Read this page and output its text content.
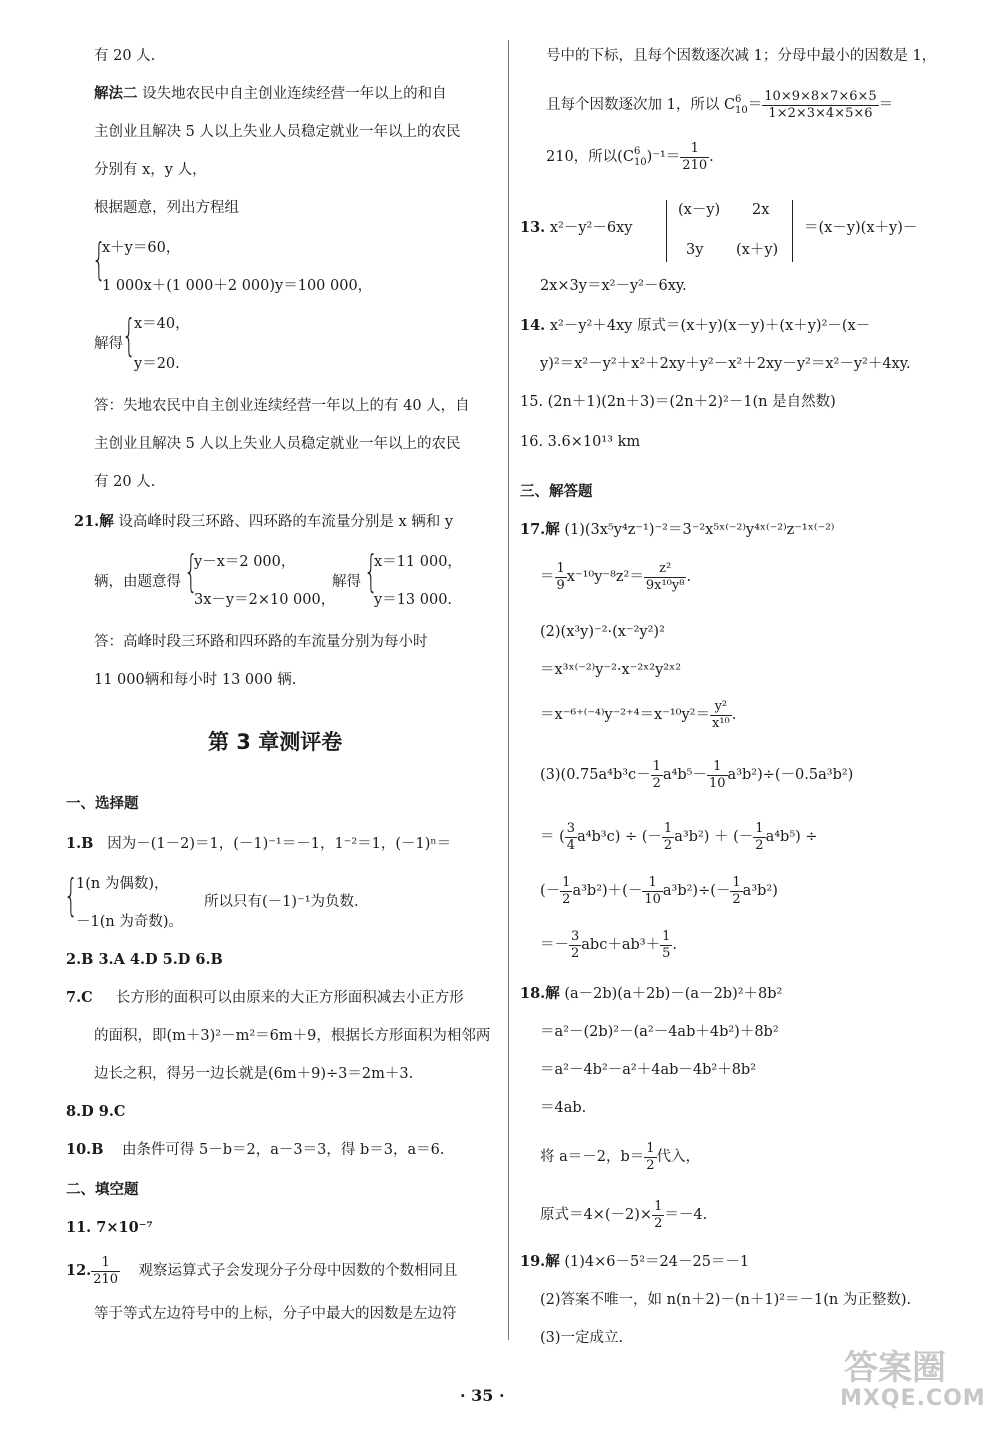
有 20 人.
解法二 设失地农民中自主创业连续经营一年以上的和自
主创业且解决 5 人以上失业人员稳定就业一年以上的农民
分别有 x，y 人，
根据题意，列出方程组
{
x＋y＝60，
1 000x＋(1 000＋2 000)y＝100 000，
解得 {
x＝40，
y＝20.
答：失地农民中自主创业连续经营一年以上的有 40 人，自
主创业且解决 5 人以上失业人员稳定就业一年以上的农民
有 20 人.
21.解 设高峰时段三环路、四环路的车流量分别是 x 辆和 y
辆，由题意得 {
y－x＝2 000，
3x－y＝2×10 000，
解得 {
x＝11 000，
y＝13 000.
答：高峰时段三环路和四环路的车流量分别为每小时
11 000辆和每小时 13 000 辆.
第 3 章测评卷
一、选择题
1.B 因为－(1－2)＝1，(－1)⁻¹＝－1，1⁻²＝1，(－1)ⁿ＝
{
1(n 为偶数)，
－1(n 为奇数)。
所以只有(－1)⁻¹为负数.
2.B 3.A 4.D 5.D 6.B
7.C 长方形的面积可以由原来的大正方形面积减去小正方形
的面积，即(m＋3)²－m²＝6m＋9，根据长方形面积为相邻两
边长之积，得另一边长就是(6m＋9)÷3＝2m＋3.
8.D 9.C
10.B 由条件可得 5－b＝2，a－3＝3，得 b＝3，a＝6.
二、填空题
11. 7×10⁻⁷
12. $\frac{1}{210}$ 观察运算式子会发现分子分母中因数的个数相同且
等于等式左边符号中的上标，分子中最大的因数是左边符
号中的下标，且每个因数逐次减 1；分母中最小的因数是 1，
且每个因数逐次加 1，所以 C 6
$10 = \frac{10\times 9\times 8\times 7\times 6\times 5}{1\times 2\times 3\times 4\times 5\times 6}$ ＝
210，所以(C 6
10 )$^{-1}= \frac{1}{210}$ .
13. x²－y²－6xy
(x－y) 2x
3y (x＋y)
＝(x－y)(x＋y)－
2x×3y＝x²－y²－6xy.
14. x²－y²＋4xy 原式＝(x＋y)(x－y)＋(x＋y)²－(x－
y)²＝x²－y²＋x²＋2xy＋y²－x²＋2xy－y²＝x²－y²＋4xy.
15. (2n＋1)(2n＋3)＝(2n＋2)²－1(n 是自然数)
16. 3.6×10¹³ km
三、解答题
17.解 (1)(3x⁵y⁴z⁻¹)⁻²＝3⁻²x⁵ˣ⁽⁻²⁾y⁴ˣ⁽⁻²⁾z⁻¹ˣ⁽⁻²⁾
＝ $\frac{1}{9} x^{-10}y^{-8}z^2= \frac{\text{z²}}{\text{9x¹⁰y⁸}}$ .
(2)(x³y)⁻²·(x⁻²y²)²
＝x³ˣ⁽⁻²⁾y⁻²·x⁻²ˣ²y²ˣ²
$=x^{-6+(-4)}y^{-2+4}=x^{-10}y^2= \frac{\text{y²}}{\text{x¹⁰}}$ .
$(3)(0.75a^4b^3c- \frac{1}{2} a^4b^5- \frac{1}{10} a^3b^2)\div(-0.5a^3b^2)$
＝ ( $\frac{3}{4} a^4b^3c$) ÷ (－ $\frac{1}{2} a^3b^2$) ＋ (－ $\frac{1}{2} a^4b^5$) ÷
(－ $\frac{1}{2} a^3b^2)+(- \frac{1}{10} a^3b^2)\div(- \frac{1}{2} a^3b^2)$
＝－ $\frac{3}{2} abc+ab^3+ \frac{1}{5}$ .
18.解 (a－2b)(a＋2b)－(a－2b)²＋8b²
＝a²－(2b)²－(a²－4ab＋4b²)＋8b²
＝a²－4b²－a²＋4ab－4b²＋8b²
＝4ab.
将 a＝－2，$b= \frac{1}{2}$ 代入，
原式$=4\times(-2)\times \frac{1}{2} =-4$.
19.解 (1)4×6－5²＝24－25＝－1
(2)答案不唯一，如 n(n＋2)－(n＋1)²＝－1(n 为正整数).
(3)一定成立.
· 35 ·
答案圈
MXQE.COM
